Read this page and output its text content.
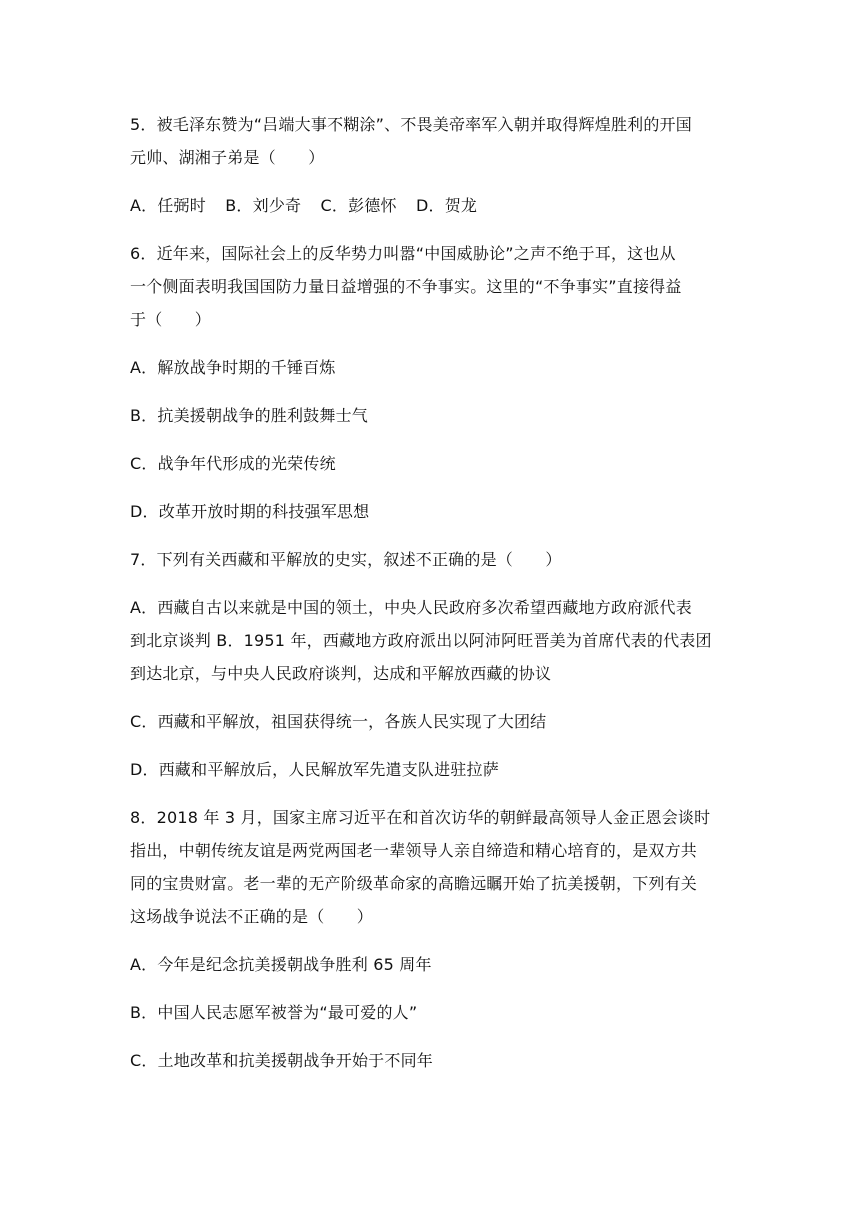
5．被毛泽东赞为“吕端大事不糊涂”、不畏美帝率军入朝并取得辉煌胜利的开国
元帅、湖湘子弟是（　　）
A．任弼时 B．刘少奇 C．彭德怀 D．贺龙
6．近年来，国际社会上的反华势力叫嚣“中国威胁论”之声不绝于耳，这也从
一个侧面表明我国国防力量日益增强的不争事实。这里的“不争事实”直接得益
于（　　）
A．解放战争时期的千锤百炼
B．抗美援朝战争的胜利鼓舞士气
C．战争年代形成的光荣传统
D．改革开放时期的科技强军思想
7．下列有关西藏和平解放的史实，叙述不正确的是（　　）
A．西藏自古以来就是中国的领土，中央人民政府多次希望西藏地方政府派代表
到北京谈判 B．1951 年，西藏地方政府派出以阿沛阿旺晋美为首席代表的代表团
到达北京，与中央人民政府谈判，达成和平解放西藏的协议
C．西藏和平解放，祖国获得统一，各族人民实现了大团结
D．西藏和平解放后，人民解放军先遣支队进驻拉萨
8．2018 年 3 月，国家主席习近平在和首次访华的朝鲜最高领导人金正恩会谈时
指出，中朝传统友谊是两党两国老一辈领导人亲自缔造和精心培育的，是双方共
同的宝贵财富。老一辈的无产阶级革命家的高瞻远瞩开始了抗美援朝，下列有关
这场战争说法不正确的是（　　）
A．今年是纪念抗美援朝战争胜利 65 周年
B．中国人民志愿军被誉为“最可爱的人”
C．土地改革和抗美援朝战争开始于不同年
